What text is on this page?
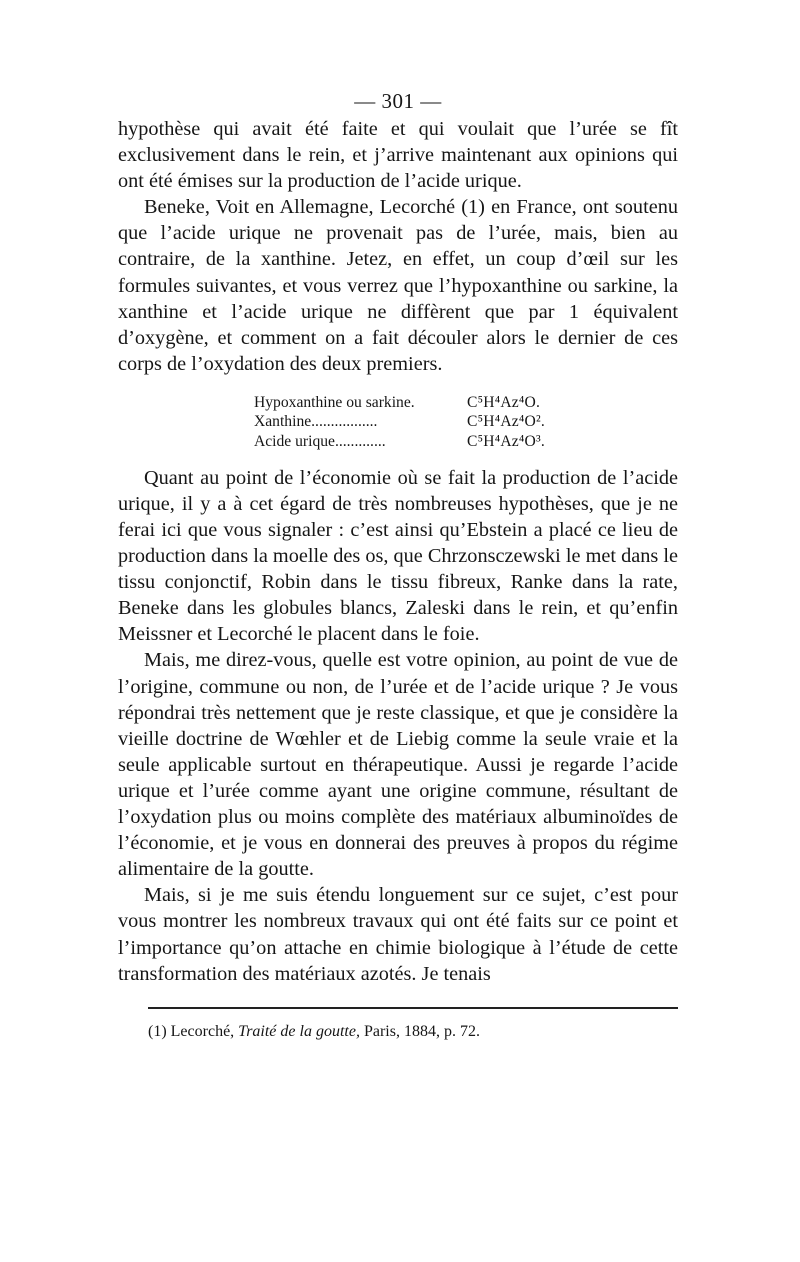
— 301 —

hypothèse qui avait été faite et qui voulait que l’urée se fît exclusivement dans le rein, et j’arrive maintenant aux opinions qui ont été émises sur la production de l’acide urique.

Beneke, Voit en Allemagne, Lecorché (1) en France, ont soutenu que l’acide urique ne provenait pas de l’urée, mais, bien au contraire, de la xanthine. Jetez, en effet, un coup d’œil sur les formules suivantes, et vous verrez que l’hypoxanthine ou sarkine, la xanthine et l’acide urique ne diffèrent que par 1 équivalent d’oxygène, et comment on a fait découler alors le dernier de ces corps de l’oxydation des deux premiers.

Hypoxanthine ou sarkine.	C⁵H⁴Az⁴O.
Xanthine.................	C⁵H⁴Az⁴O².
Acide urique.............	C⁵H⁴Az⁴O³.

Quant au point de l’économie où se fait la production de l’acide urique, il y a à cet égard de très nombreuses hypothèses, que je ne ferai ici que vous signaler : c’est ainsi qu’Ebstein a placé ce lieu de production dans la moelle des os, que Chrzonsczewski le met dans le tissu conjonctif, Robin dans le tissu fibreux, Ranke dans la rate, Beneke dans les globules blancs, Zaleski dans le rein, et qu’enfin Meissner et Lecorché le placent dans le foie.

Mais, me direz-vous, quelle est votre opinion, au point de vue de l’origine, commune ou non, de l’urée et de l’acide urique ? Je vous répondrai très nettement que je reste classique, et que je considère la vieille doctrine de Wœhler et de Liebig comme la seule vraie et la seule applicable surtout en thérapeutique. Aussi je regarde l’acide urique et l’urée comme ayant une origine commune, résultant de l’oxydation plus ou moins complète des matériaux albuminoïdes de l’économie, et je vous en donnerai des preuves à propos du régime alimentaire de la goutte.

Mais, si je me suis étendu longuement sur ce sujet, c’est pour vous montrer les nombreux travaux qui ont été faits sur ce point et l’importance qu’on attache en chimie biologique à l’étude de cette transformation des matériaux azotés. Je tenais

(1) Lecorché, Traité de la goutte, Paris, 1884, p. 72.
